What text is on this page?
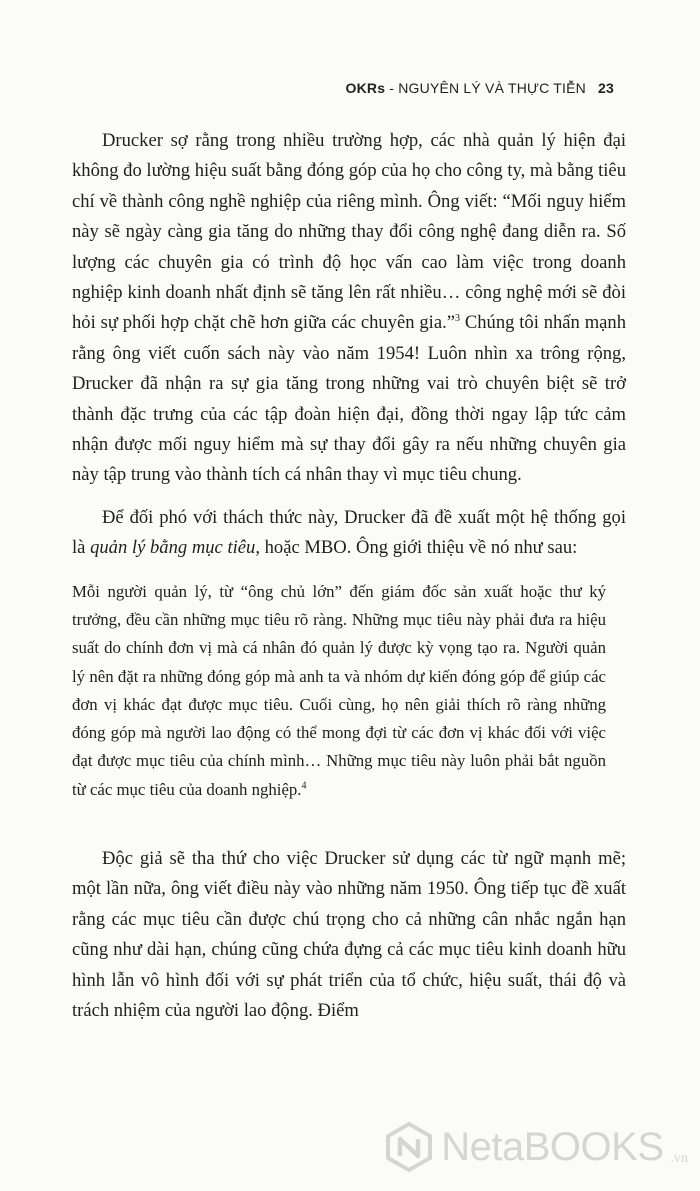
OKRs - NGUYÊN LÝ VÀ THỰC TIỄN 23

Drucker sợ rằng trong nhiều trường hợp, các nhà quản lý hiện đại không đo lường hiệu suất bằng đóng góp của họ cho công ty, mà bằng tiêu chí về thành công nghề nghiệp của riêng mình. Ông viết: “Mối nguy hiểm này sẽ ngày càng gia tăng do những thay đổi công nghệ đang diễn ra. Số lượng các chuyên gia có trình độ học vấn cao làm việc trong doanh nghiệp kinh doanh nhất định sẽ tăng lên rất nhiều… công nghệ mới sẽ đòi hỏi sự phối hợp chặt chẽ hơn giữa các chuyên gia.”$^3$ Chúng tôi nhấn mạnh rằng ông viết cuốn sách này vào năm 1954! Luôn nhìn xa trông rộng, Drucker đã nhận ra sự gia tăng trong những vai trò chuyên biệt sẽ trở thành đặc trưng của các tập đoàn hiện đại, đồng thời ngay lập tức cảm nhận được mối nguy hiểm mà sự thay đổi gây ra nếu những chuyên gia này tập trung vào thành tích cá nhân thay vì mục tiêu chung.

Để đối phó với thách thức này, Drucker đã đề xuất một hệ thống gọi là quản lý bằng mục tiêu, hoặc MBO. Ông giới thiệu về nó như sau:

Mỗi người quản lý, từ “ông chủ lớn” đến giám đốc sản xuất hoặc thư ký trưởng, đều cần những mục tiêu rõ ràng. Những mục tiêu này phải đưa ra hiệu suất do chính đơn vị mà cá nhân đó quản lý được kỳ vọng tạo ra. Người quản lý nên đặt ra những đóng góp mà anh ta và nhóm dự kiến đóng góp để giúp các đơn vị khác đạt được mục tiêu. Cuối cùng, họ nên giải thích rõ ràng những đóng góp mà người lao động có thể mong đợi từ các đơn vị khác đối với việc đạt được mục tiêu của chính mình… Những mục tiêu này luôn phải bắt nguồn từ các mục tiêu của doanh nghiệp.$^4$

Độc giả sẽ tha thứ cho việc Drucker sử dụng các từ ngữ mạnh mẽ; một lần nữa, ông viết điều này vào những năm 1950. Ông tiếp tục đề xuất rằng các mục tiêu cần được chú trọng cho cả những cân nhắc ngắn hạn cũng như dài hạn, chúng cũng chứa đựng cả các mục tiêu kinh doanh hữu hình lẫn vô hình đối với sự phát triển của tổ chức, hiệu suất, thái độ và trách nhiệm của người lao động. Điểm

NetaBOOKS .vn
